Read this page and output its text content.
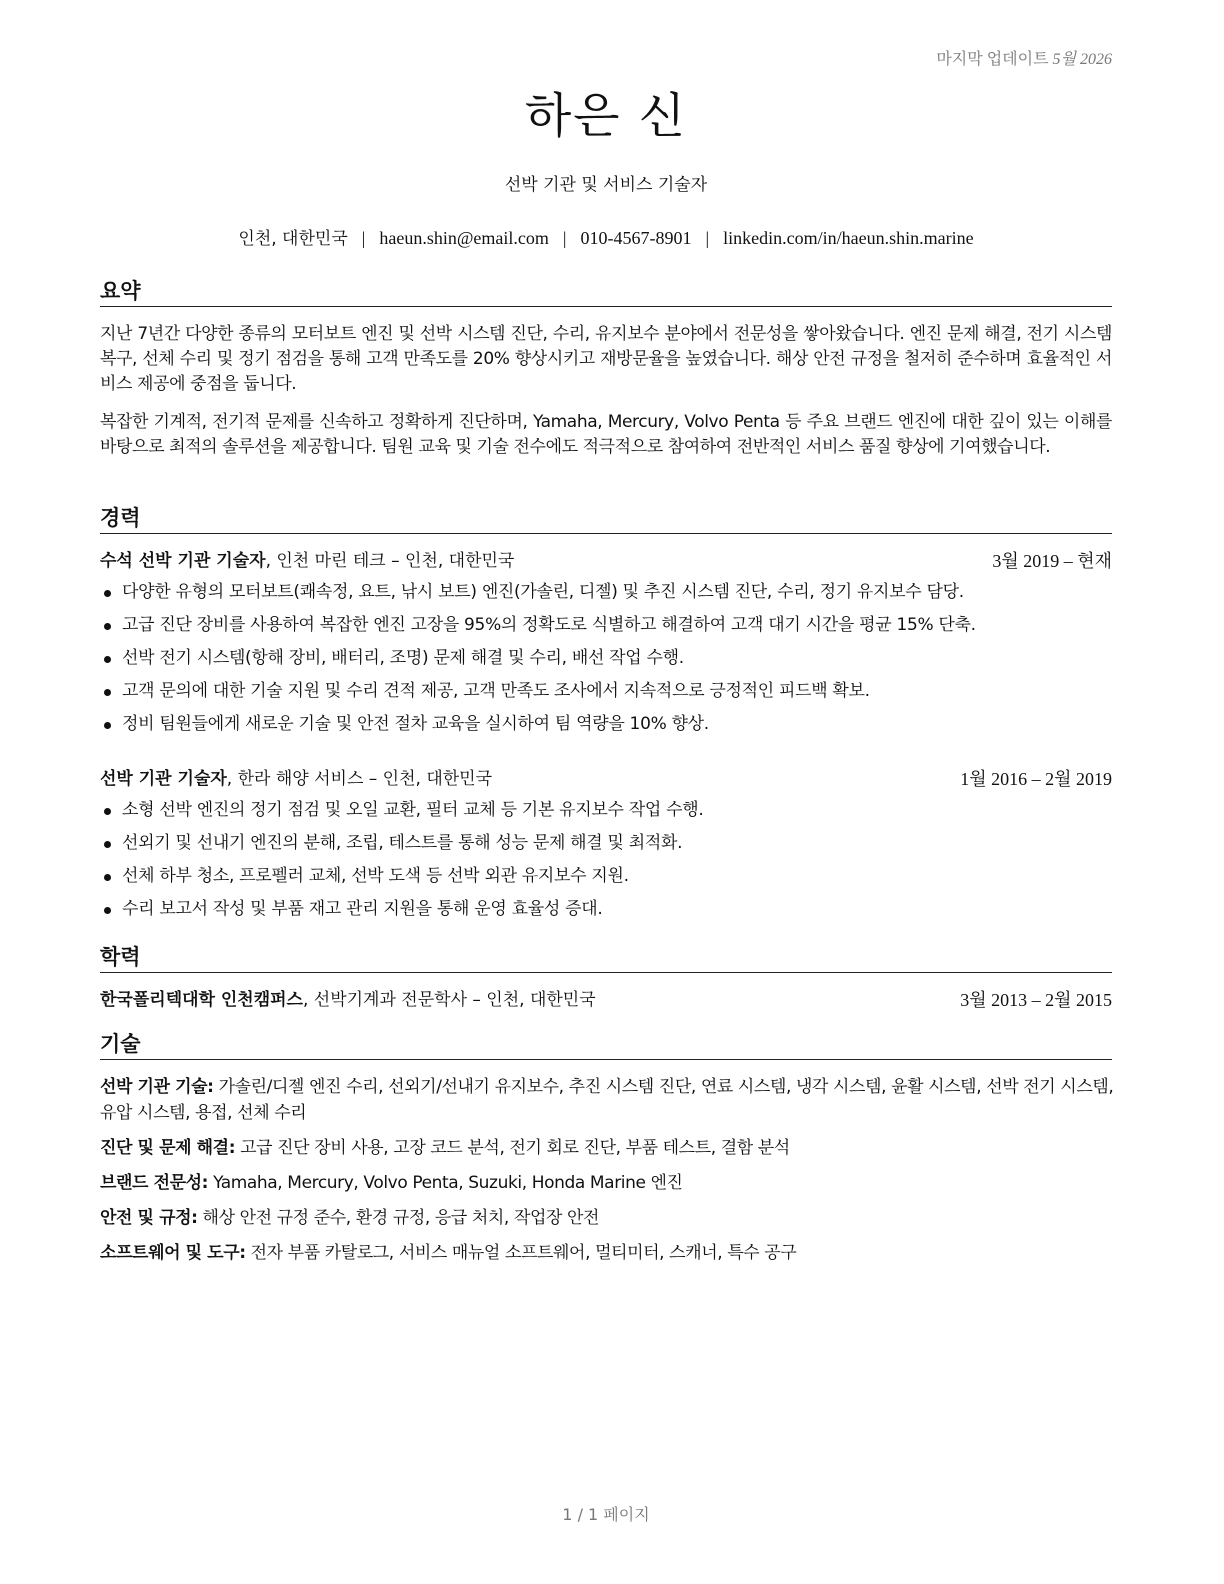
마지막 업데이트 5월 2026
하은 신
선박 기관 및 서비스 기술자
인천, 대한민국 | haeun.shin@email.com | 010-4567-8901 | linkedin.com/in/haeun.shin.marine
요약
지난 7년간 다양한 종류의 모터보트 엔진 및 선박 시스템 진단, 수리, 유지보수 분야에서 전문성을 쌓아왔습니다. 엔진 문제 해결, 전기 시스템 복구, 선체 수리 및 정기 점검을 통해 고객 만족도를 20% 향상시키고 재방문율을 높였습니다. 해상 안전 규정을 철저히 준수하며 효율적인 서비스 제공에 중점을 둡니다.
복잡한 기계적, 전기적 문제를 신속하고 정확하게 진단하며, Yamaha, Mercury, Volvo Penta 등 주요 브랜드 엔진에 대한 깊이 있는 이해를 바탕으로 최적의 솔루션을 제공합니다. 팀원 교육 및 기술 전수에도 적극적으로 참여하여 전반적인 서비스 품질 향상에 기여했습니다.
경력
수석 선박 기관 기술자, 인천 마린 테크 – 인천, 대한민국	3월 2019 – 현재
다양한 유형의 모터보트(쾌속정, 요트, 낚시 보트) 엔진(가솔린, 디젤) 및 추진 시스템 진단, 수리, 정기 유지보수 담당.
고급 진단 장비를 사용하여 복잡한 엔진 고장을 95%의 정확도로 식별하고 해결하여 고객 대기 시간을 평균 15% 단축.
선박 전기 시스템(항해 장비, 배터리, 조명) 문제 해결 및 수리, 배선 작업 수행.
고객 문의에 대한 기술 지원 및 수리 견적 제공, 고객 만족도 조사에서 지속적으로 긍정적인 피드백 확보.
정비 팀원들에게 새로운 기술 및 안전 절차 교육을 실시하여 팀 역량을 10% 향상.
선박 기관 기술자, 한라 해양 서비스 – 인천, 대한민국	1월 2016 – 2월 2019
소형 선박 엔진의 정기 점검 및 오일 교환, 필터 교체 등 기본 유지보수 작업 수행.
선외기 및 선내기 엔진의 분해, 조립, 테스트를 통해 성능 문제 해결 및 최적화.
선체 하부 청소, 프로펠러 교체, 선박 도색 등 선박 외관 유지보수 지원.
수리 보고서 작성 및 부품 재고 관리 지원을 통해 운영 효율성 증대.
학력
한국폴리텍대학 인천캠퍼스, 선박기계과 전문학사 – 인천, 대한민국	3월 2013 – 2월 2015
기술
선박 기관 기술: 가솔린/디젤 엔진 수리, 선외기/선내기 유지보수, 추진 시스템 진단, 연료 시스템, 냉각 시스템, 윤활 시스템, 선박 전기 시스템, 유압 시스템, 용접, 선체 수리
진단 및 문제 해결: 고급 진단 장비 사용, 고장 코드 분석, 전기 회로 진단, 부품 테스트, 결함 분석
브랜드 전문성: Yamaha, Mercury, Volvo Penta, Suzuki, Honda Marine 엔진
안전 및 규정: 해상 안전 규정 준수, 환경 규정, 응급 처치, 작업장 안전
소프트웨어 및 도구: 전자 부품 카탈로그, 서비스 매뉴얼 소프트웨어, 멀티미터, 스캐너, 특수 공구
1 / 1 페이지
